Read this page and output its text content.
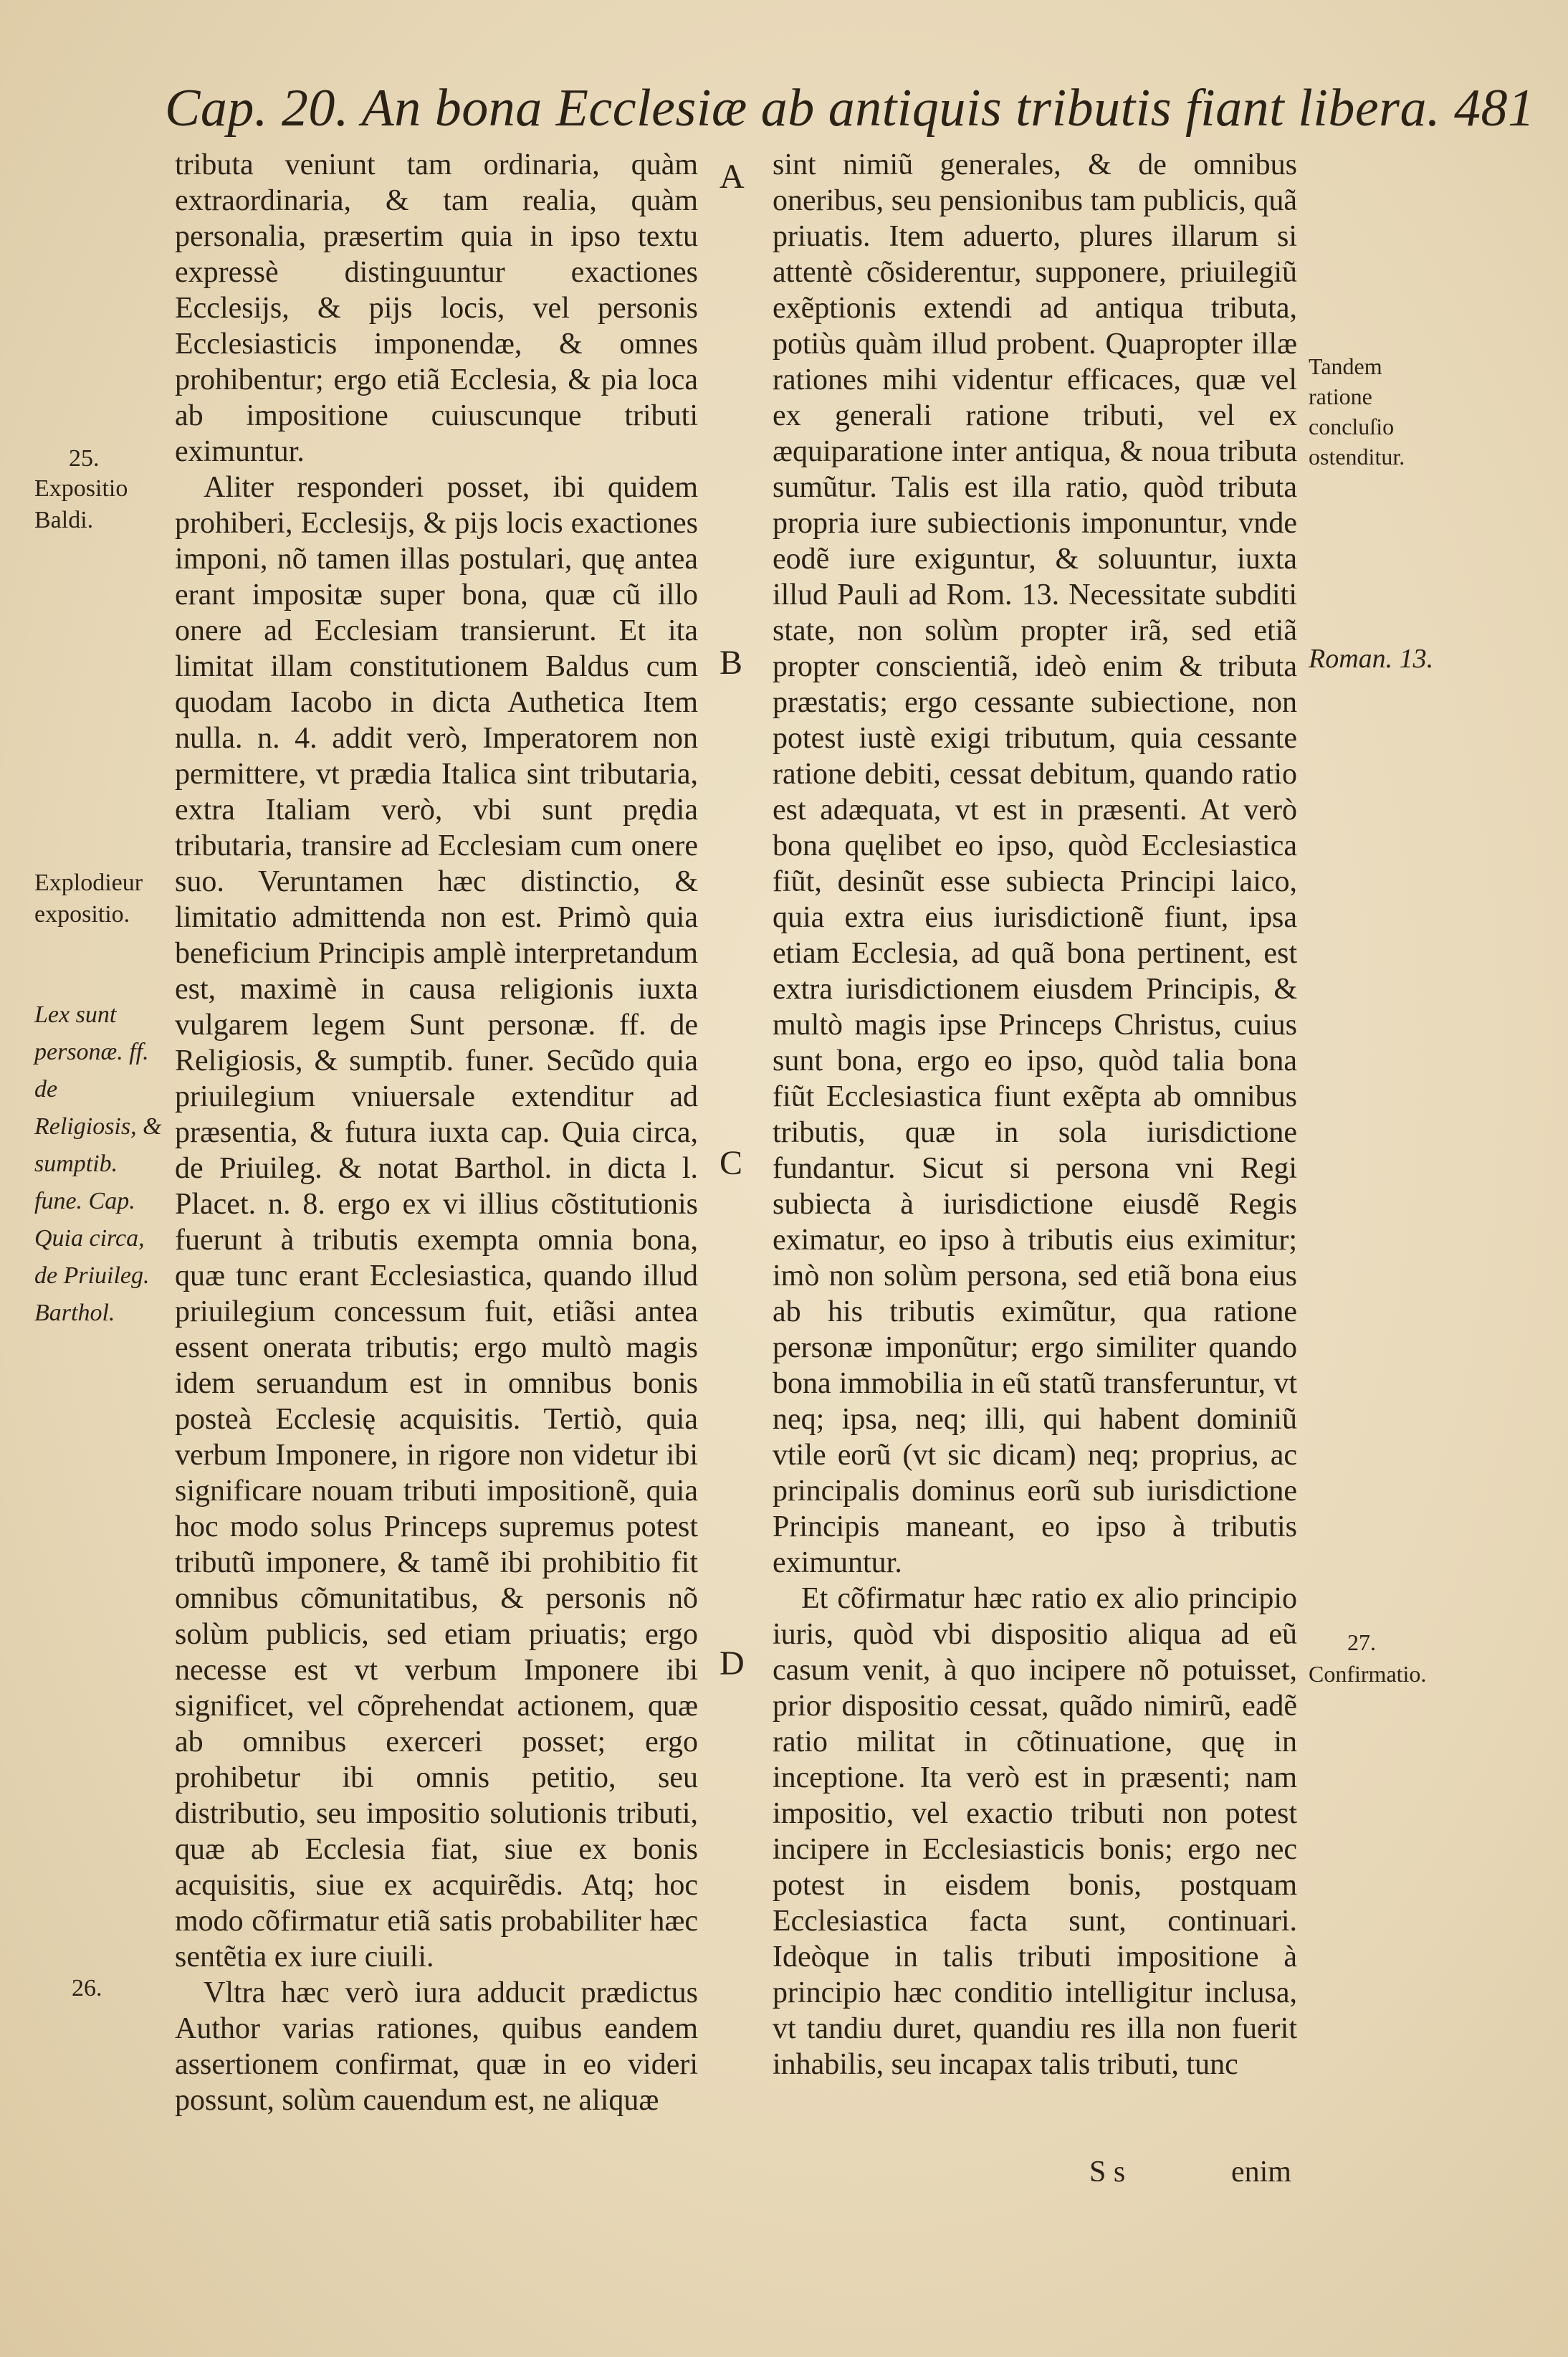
Cap. 20. An bona Ecclesiæ ab antiquis tributis fiant libera. 481

tributa veniunt tam ordinaria, quàm extraordinaria, & tam realia, quàm personalia, præsertim quia in ipso textu expressè distinguuntur exactiones Ecclesijs, & pijs locis, vel personis Ecclesiasticis imponendæ, & omnes prohibentur; ergo etiã Ecclesia, & pia loca ab impositione cuiuscunque tributi eximuntur.

Aliter responderi posset, ibi quidem prohiberi, Ecclesijs, & pijs locis exactiones imponi, nõ tamen illas postulari, quę antea erant impositæ super bona, quæ cũ illo onere ad Ecclesiam transierunt. Et ita limitat illam constitutionem Baldus cum quodam Iacobo in dicta Authetica Item nulla. n. 4. addit verò, Imperatorem non permittere, vt prædia Italica sint tributaria, extra Italiam verò, vbi sunt prędia tributaria, transire ad Ecclesiam cum onere suo. Veruntamen hæc distinctio, & limitatio admittenda non est. Primò quia beneficium Principis amplè interpretandum est, maximè in causa religionis iuxta vulgarem legem Sunt personæ. ff. de Religiosis, & sumptib. funer. Secũdo quia priuilegium vniuersale extenditur ad præsentia, & futura iuxta cap. Quia circa, de Priuileg. & notat Barthol. in dicta l. Placet. n. 8. ergo ex vi illius cõstitutionis fuerunt à tributis exempta omnia bona, quæ tunc erant Ecclesiastica, quando illud priuilegium concessum fuit, etiãsi antea essent onerata tributis; ergo multò magis idem seruandum est in omnibus bonis posteà Ecclesię acquisitis. Tertiò, quia verbum Imponere, in rigore non videtur ibi significare nouam tributi impositionẽ, quia hoc modo solus Princeps supremus potest tributũ imponere, & tamẽ ibi prohibitio fit omnibus cõmunitatibus, & personis nõ solùm publicis, sed etiam priuatis; ergo necesse est vt verbum Imponere ibi significet, vel cõprehendat actionem, quæ ab omnibus exerceri posset; ergo prohibetur ibi omnis petitio, seu distributio, seu impositio solutionis tributi, quæ ab Ecclesia fiat, siue ex bonis acquisitis, siue ex acquirẽdis. Atq; hoc modo cõfirmatur etiã satis probabiliter hæc sentẽtia ex iure ciuili.

Vltra hæc verò iura adducit prædictus Author varias rationes, quibus eandem assertionem confirmat, quæ in eo videri possunt, solùm cauendum est, ne aliquæ

sint nimiũ generales, & de omnibus oneribus, seu pensionibus tam publicis, quã priuatis. Item aduerto, plures illarum si attentè cõsiderentur, supponere, priuilegiũ exẽptionis extendi ad antiqua tributa, potiùs quàm illud probent. Quapropter illæ rationes mihi videntur efficaces, quæ vel ex generali ratione tributi, vel ex æquiparatione inter antiqua, & noua tributa sumũtur. Talis est illa ratio, quòd tributa propria iure subiectionis imponuntur, vnde eodẽ iure exiguntur, & soluuntur, iuxta illud Pauli ad Rom. 13. Necessitate subditi state, non solùm propter irã, sed etiã propter conscientiã, ideò enim & tributa præstatis; ergo cessante subiectione, non potest iustè exigi tributum, quia cessante ratione debiti, cessat debitum, quando ratio est adæquata, vt est in præsenti. At verò bona quęlibet eo ipso, quòd Ecclesiastica fiũt, desinũt esse subiecta Principi laico, quia extra eius iurisdictionẽ fiunt, ipsa etiam Ecclesia, ad quã bona pertinent, est extra iurisdictionem eiusdem Principis, & multò magis ipse Princeps Christus, cuius sunt bona, ergo eo ipso, quòd talia bona fiũt Ecclesiastica fiunt exẽpta ab omnibus tributis, quæ in sola iurisdictione fundantur. Sicut si persona vni Regi subiecta à iurisdictione eiusdẽ Regis eximatur, eo ipso à tributis eius eximitur; imò non solùm persona, sed etiã bona eius ab his tributis eximũtur, qua ratione personæ imponũtur; ergo similiter quando bona immobilia in eũ statũ transferuntur, vt neq; ipsa, neq; illi, qui habent dominiũ vtile eorũ (vt sic dicam) neq; proprius, ac principalis dominus eorũ sub iurisdictione Principis maneant, eo ipso à tributis eximuntur.

Et cõfirmatur hæc ratio ex alio principio iuris, quòd vbi dispositio aliqua ad eũ casum venit, à quo incipere nõ potuisset, prior dispositio cessat, quãdo nimirũ, eadẽ ratio militat in cõtinuatione, quę in inceptione. Ita verò est in præsenti; nam impositio, vel exactio tributi non potest incipere in Ecclesiasticis bonis; ergo nec potest in eisdem bonis, postquam Ecclesiastica facta sunt, continuari. Ideòque in talis tributi impositione à principio hæc conditio intelligitur inclusa, vt tandiu duret, quandiu res illa non fuerit inhabilis, seu incapax talis tributi, tunc

A
B
C
D
25.
Expositio Baldi.
Explodieur expositio.
Lex sunt personæ. ff. de Religiosis, & sumptib. fune. Cap. Quia circa, de Priuileg. Barthol.
26.
Tandem ratione concluſio ostenditur.
Roman. 13.
27.
Confirmatio.
S s	enim
